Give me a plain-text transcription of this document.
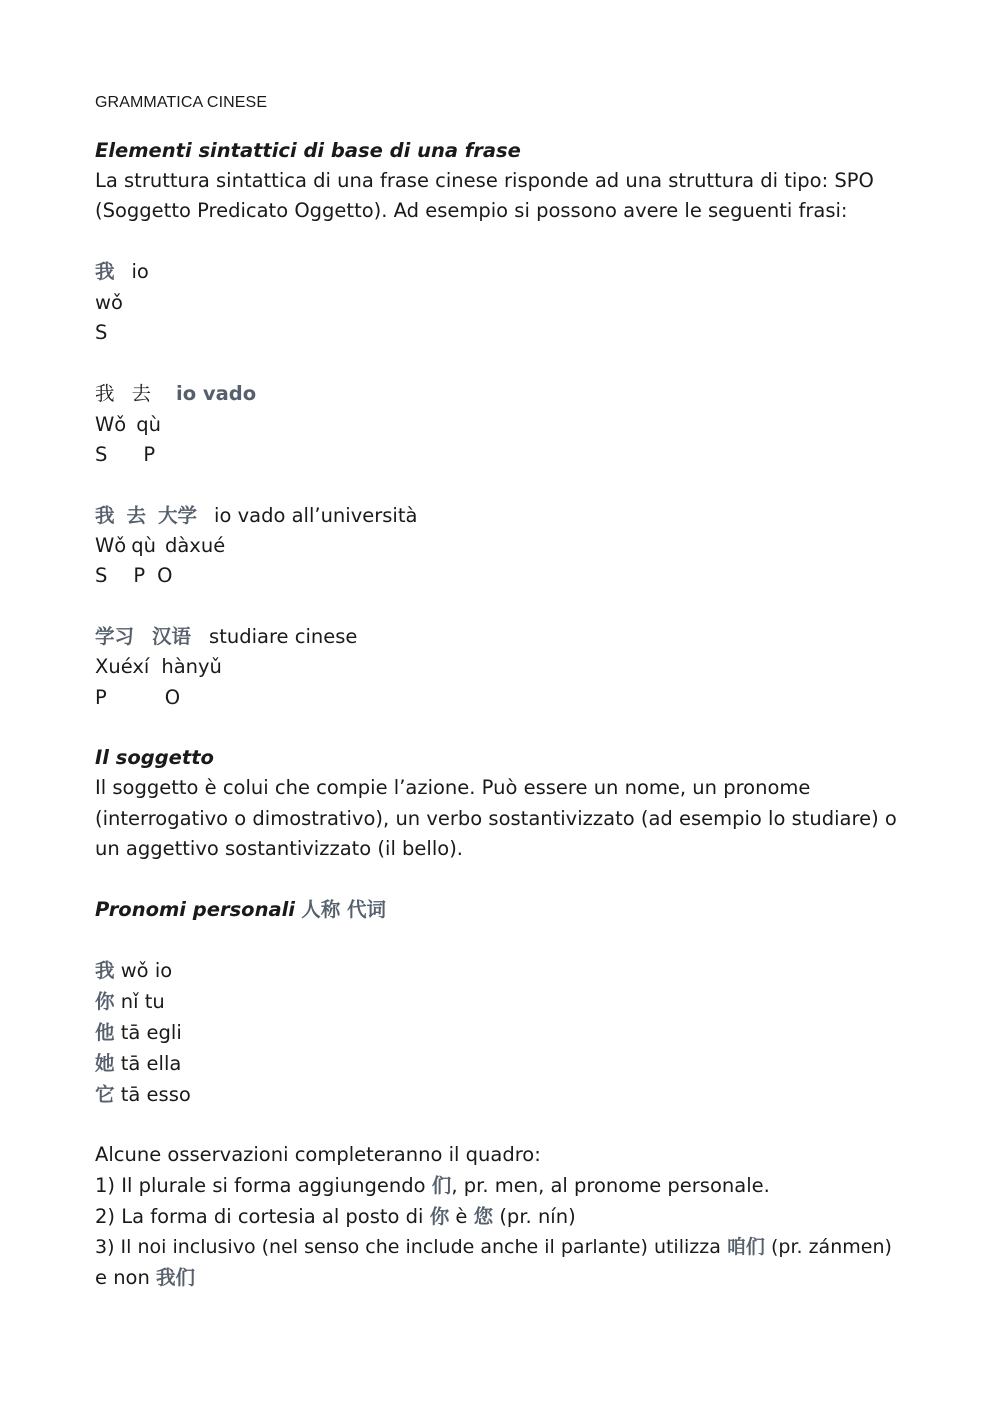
GRAMMATICA CINESE
Elementi sintattici di base di una frase
La struttura sintattica di una frase cinese risponde ad una struttura di tipo: SPO
(Soggetto Predicato Oggetto). Ad esempio si possono avere le seguenti frasi:
我 io
wǒ
S
我 去 io vado
Wǒ qù
S P
我 去 大学 io vado all’università
Wǒ qù dàxué
S P O
学习 汉语 studiare cinese
Xuéxí hànyǔ
P	O
Il soggetto
Il soggetto è colui che compie l’azione. Può essere un nome, un pronome
(interrogativo o dimostrativo), un verbo sostantivizzato (ad esempio lo studiare) o
un aggettivo sostantivizzato (il bello).
Pronomi personali 人称 代词
我 wǒ io
你 nǐ tu
他 tā egli
她 tā ella
它 tā esso
Alcune osservazioni completeranno il quadro:
1) Il plurale si forma aggiungendo 们, pr. men, al pronome personale.
2) La forma di cortesia al posto di 你 è 您 (pr. nín)
3) Il noi inclusivo (nel senso che include anche il parlante) utilizza 咱们 (pr. zánmen)
e non 我们
